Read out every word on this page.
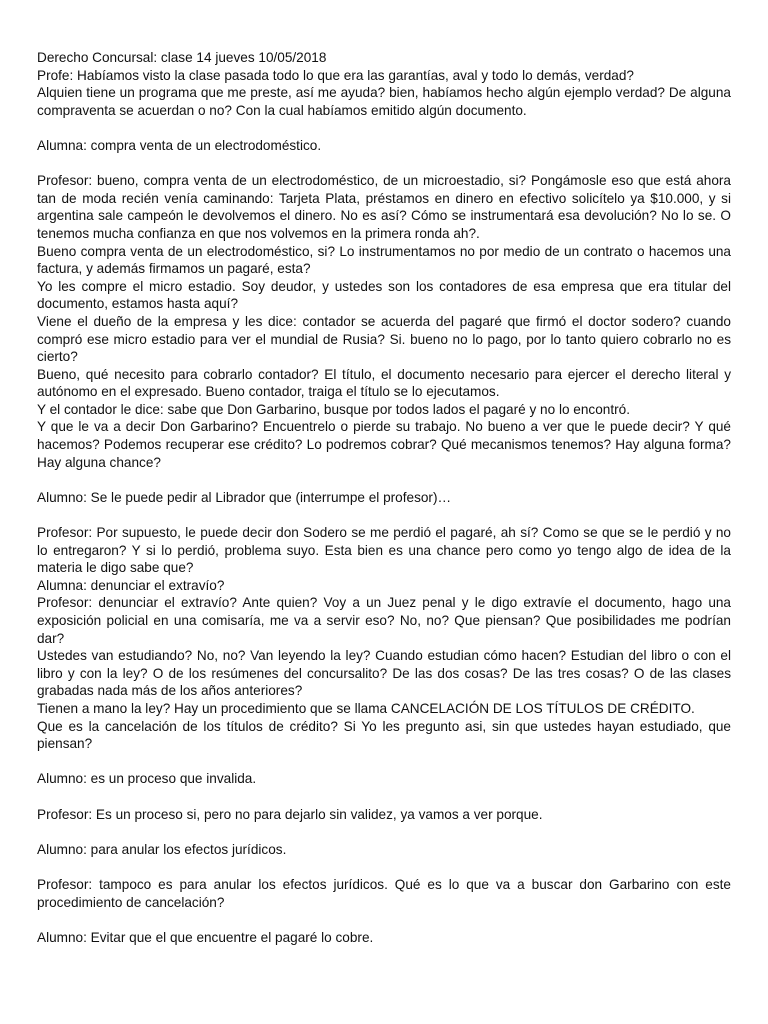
Derecho Concursal: clase 14 jueves 10/05/2018

Profe: Habíamos visto la clase pasada todo lo que era las garantías, aval y todo lo demás, verdad?

Alquien tiene un programa que me preste, así me ayuda? bien, habíamos hecho algún ejemplo verdad? De alguna compraventa se acuerdan o no? Con la cual habíamos emitido algún documento.

Alumna: compra venta de un electrodoméstico.

Profesor: bueno, compra venta de un electrodoméstico, de un microestadio, si? Pongámosle eso que está ahora tan de moda recién venía caminando: Tarjeta Plata, préstamos en dinero en efectivo solicítelo ya $10.000, y si argentina sale campeón le devolvemos el dinero. No es así? Cómo se instrumentará esa devolución? No lo se. O tenemos mucha confianza en que nos volvemos en la primera ronda ah?.

Bueno compra venta de un electrodoméstico, si? Lo instrumentamos no por medio de un contrato o hacemos una factura, y además firmamos un pagaré, esta?

Yo les compre el micro estadio. Soy deudor, y ustedes son los contadores de esa empresa que era titular del documento, estamos hasta aquí?

Viene el dueño de la empresa y les dice: contador se acuerda del pagaré que firmó el doctor sodero? cuando compró ese micro estadio para ver el mundial de Rusia? Si. bueno no lo pago, por lo tanto quiero cobrarlo no es cierto?

Bueno, qué necesito para cobrarlo contador? El título, el documento necesario para ejercer el derecho literal y autónomo en el expresado. Bueno contador, traiga el título se lo ejecutamos.

Y el contador le dice: sabe que Don Garbarino, busque por todos lados el pagaré y no lo encontró.

Y que le va a decir Don Garbarino? Encuentrelo o pierde su trabajo. No bueno a ver que le puede decir? Y qué hacemos? Podemos recuperar ese crédito? Lo podremos cobrar? Qué mecanismos tenemos? Hay alguna forma? Hay alguna chance?

Alumno: Se le puede pedir al Librador que (interrumpe el profesor)…

Profesor: Por supuesto, le puede decir don Sodero se me perdió el pagaré, ah sí? Como se que se le perdió y no lo entregaron? Y si lo perdió, problema suyo. Esta bien es una chance pero como yo tengo algo de idea de la materia le digo sabe que?

Alumna: denunciar el extravío?

Profesor: denunciar el extravío? Ante quien? Voy a un Juez penal y le digo extravíe el documento, hago una exposición policial en una comisaría, me va a servir eso? No, no? Que piensan? Que posibilidades me podrían dar?

Ustedes van estudiando? No, no? Van leyendo la ley? Cuando estudian cómo hacen? Estudian del libro o con el libro y con la ley? O de los resúmenes del concursalito? De las dos cosas? De las tres cosas? O de las clases grabadas nada más de los años anteriores?

Tienen a mano la ley? Hay un procedimiento que se llama CANCELACIÓN DE LOS TÍTULOS DE CRÉDITO.

Que es la cancelación de los títulos de crédito? Si Yo les pregunto asi, sin que ustedes hayan estudiado, que piensan?

Alumno: es un proceso que invalida.

Profesor: Es un proceso si, pero no para dejarlo sin validez, ya vamos a ver porque.

Alumno: para anular los efectos jurídicos.

Profesor: tampoco es para anular los efectos jurídicos. Qué es lo que va a buscar don Garbarino con este procedimiento de cancelación?

Alumno: Evitar que el que encuentre el pagaré lo cobre.
